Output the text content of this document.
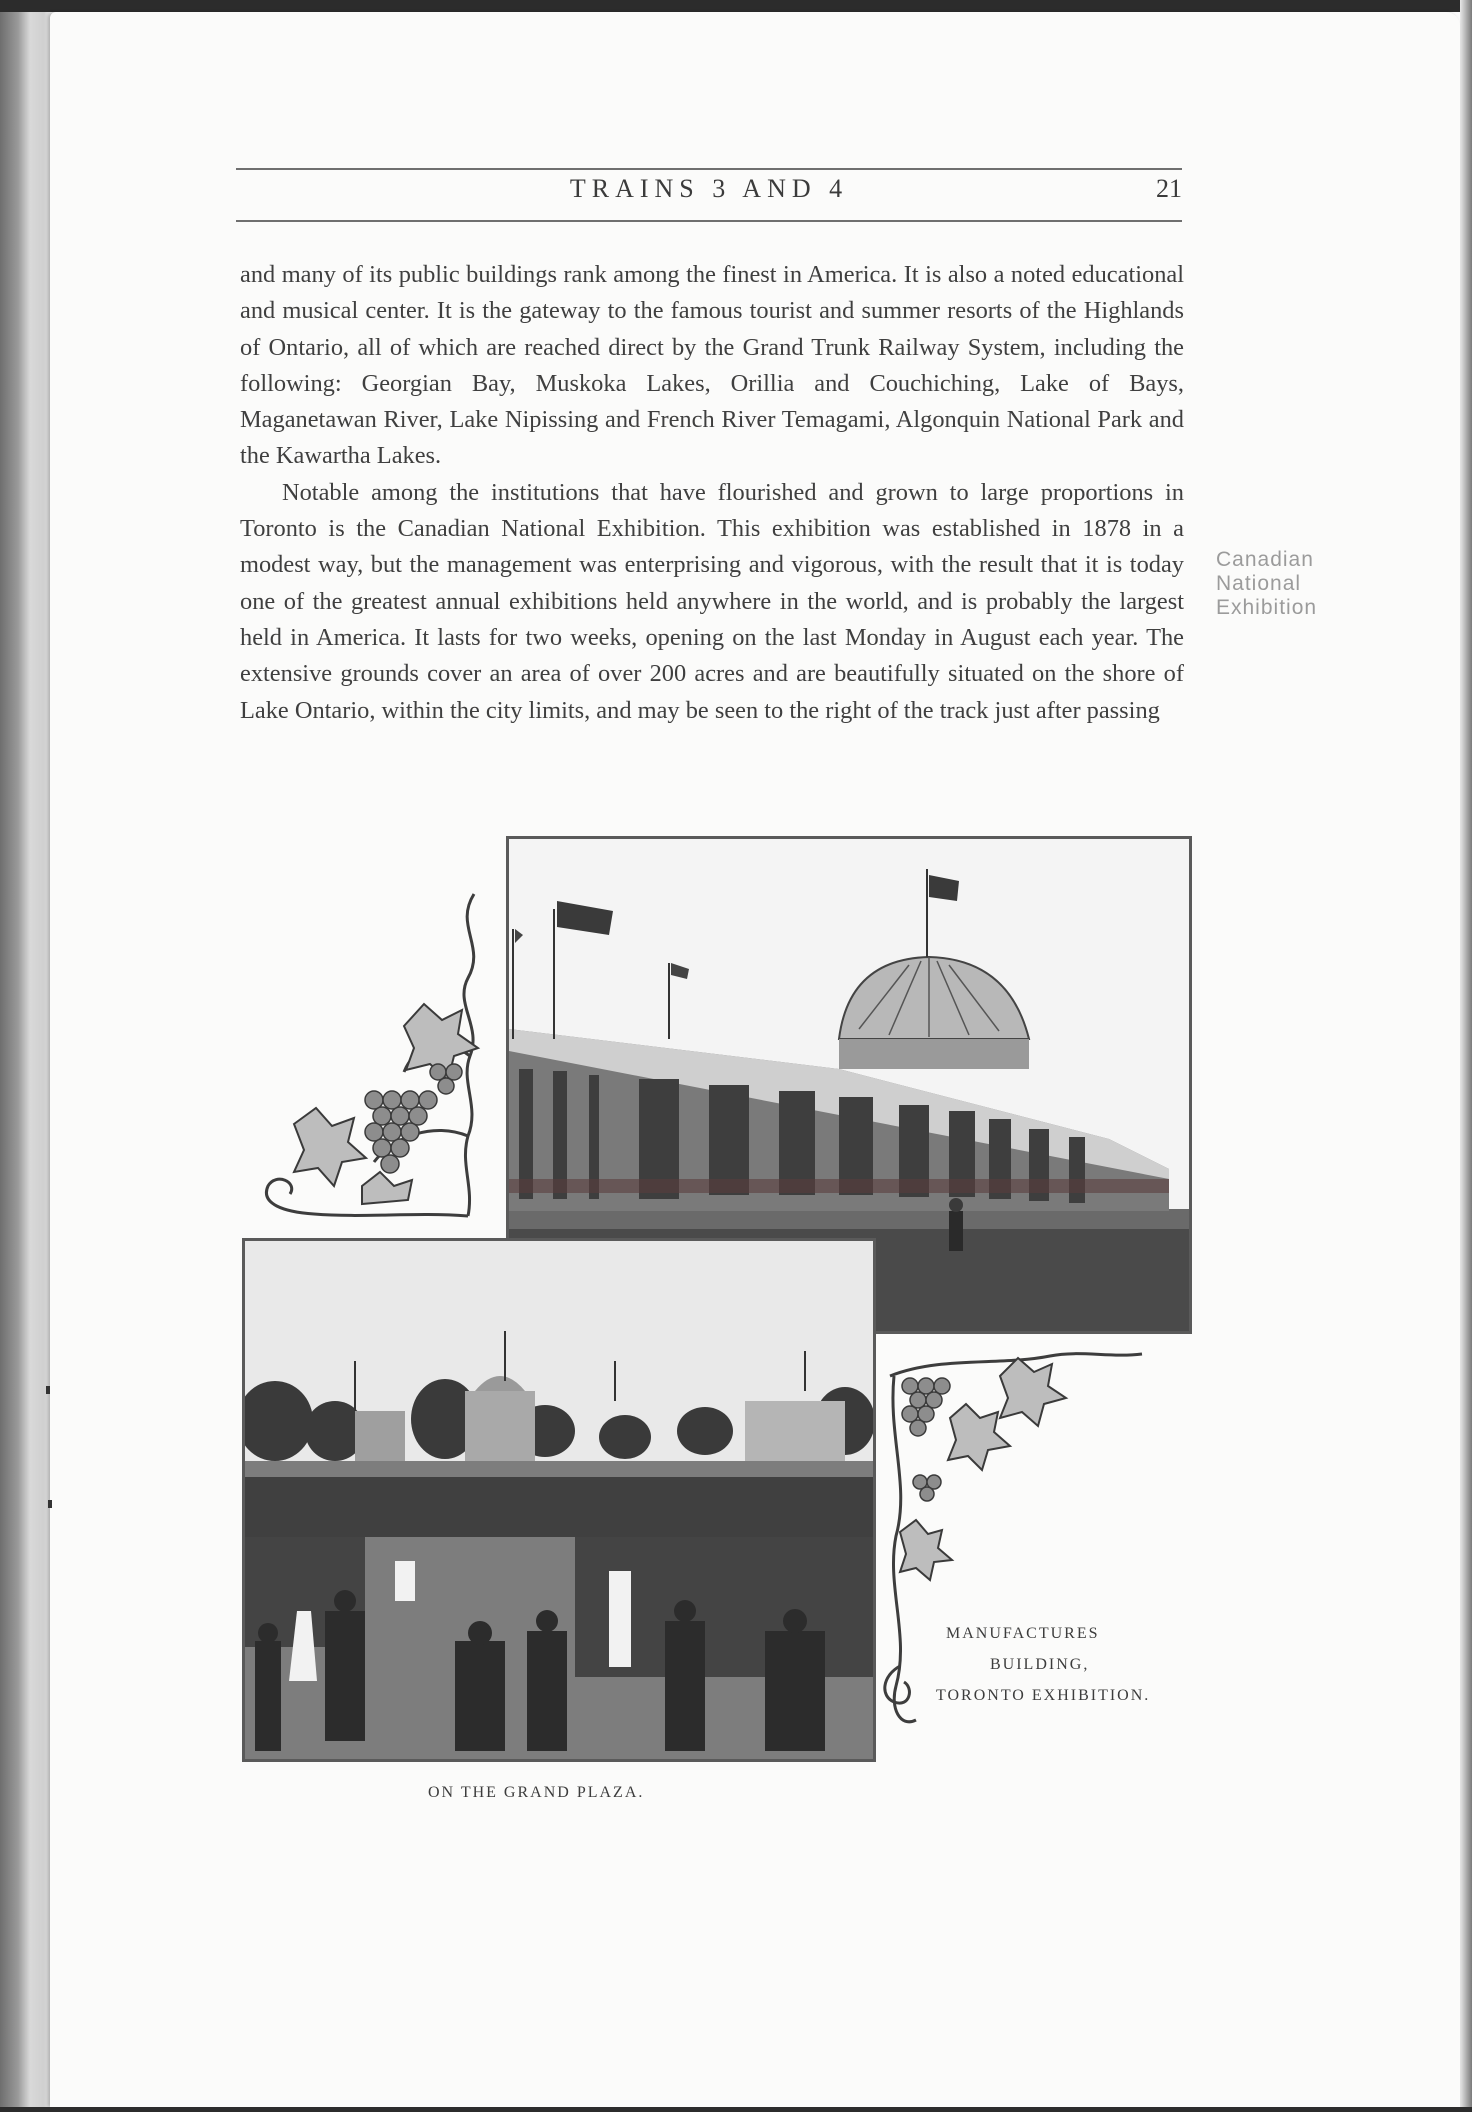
TRAINS 3 AND 4	21

and many of its public buildings rank among the finest in America. It is also a noted educational and musical center. It is the gateway to the famous tourist and summer resorts of the Highlands of Ontario, all of which are reached direct by the Grand Trunk Railway System, including the following: Georgian Bay, Muskoka Lakes, Orillia and Couchiching, Lake of Bays, Maganetawan River, Lake Nipissing and French River Temagami, Algonquin National Park and the Kawartha Lakes.

Notable among the institutions that have flourished and grown to large proportions in Toronto is the Canadian National Exhibition. This exhibition was established in 1878 in a modest way, but the management was enterprising and vigorous, with the result that it is today one of the greatest annual exhibitions held anywhere in the world, and is probably the largest held in America. It lasts for two weeks, opening on the last Monday in August each year. The extensive grounds cover an area of over 200 acres and are beautifully situated on the shore of Lake Ontario, within the city limits, and may be seen to the right of the track just after passing

Canadian
National
Exhibition
ON THE GRAND PLAZA.
MANUFACTURES
BUILDING,
TORONTO EXHIBITION.
